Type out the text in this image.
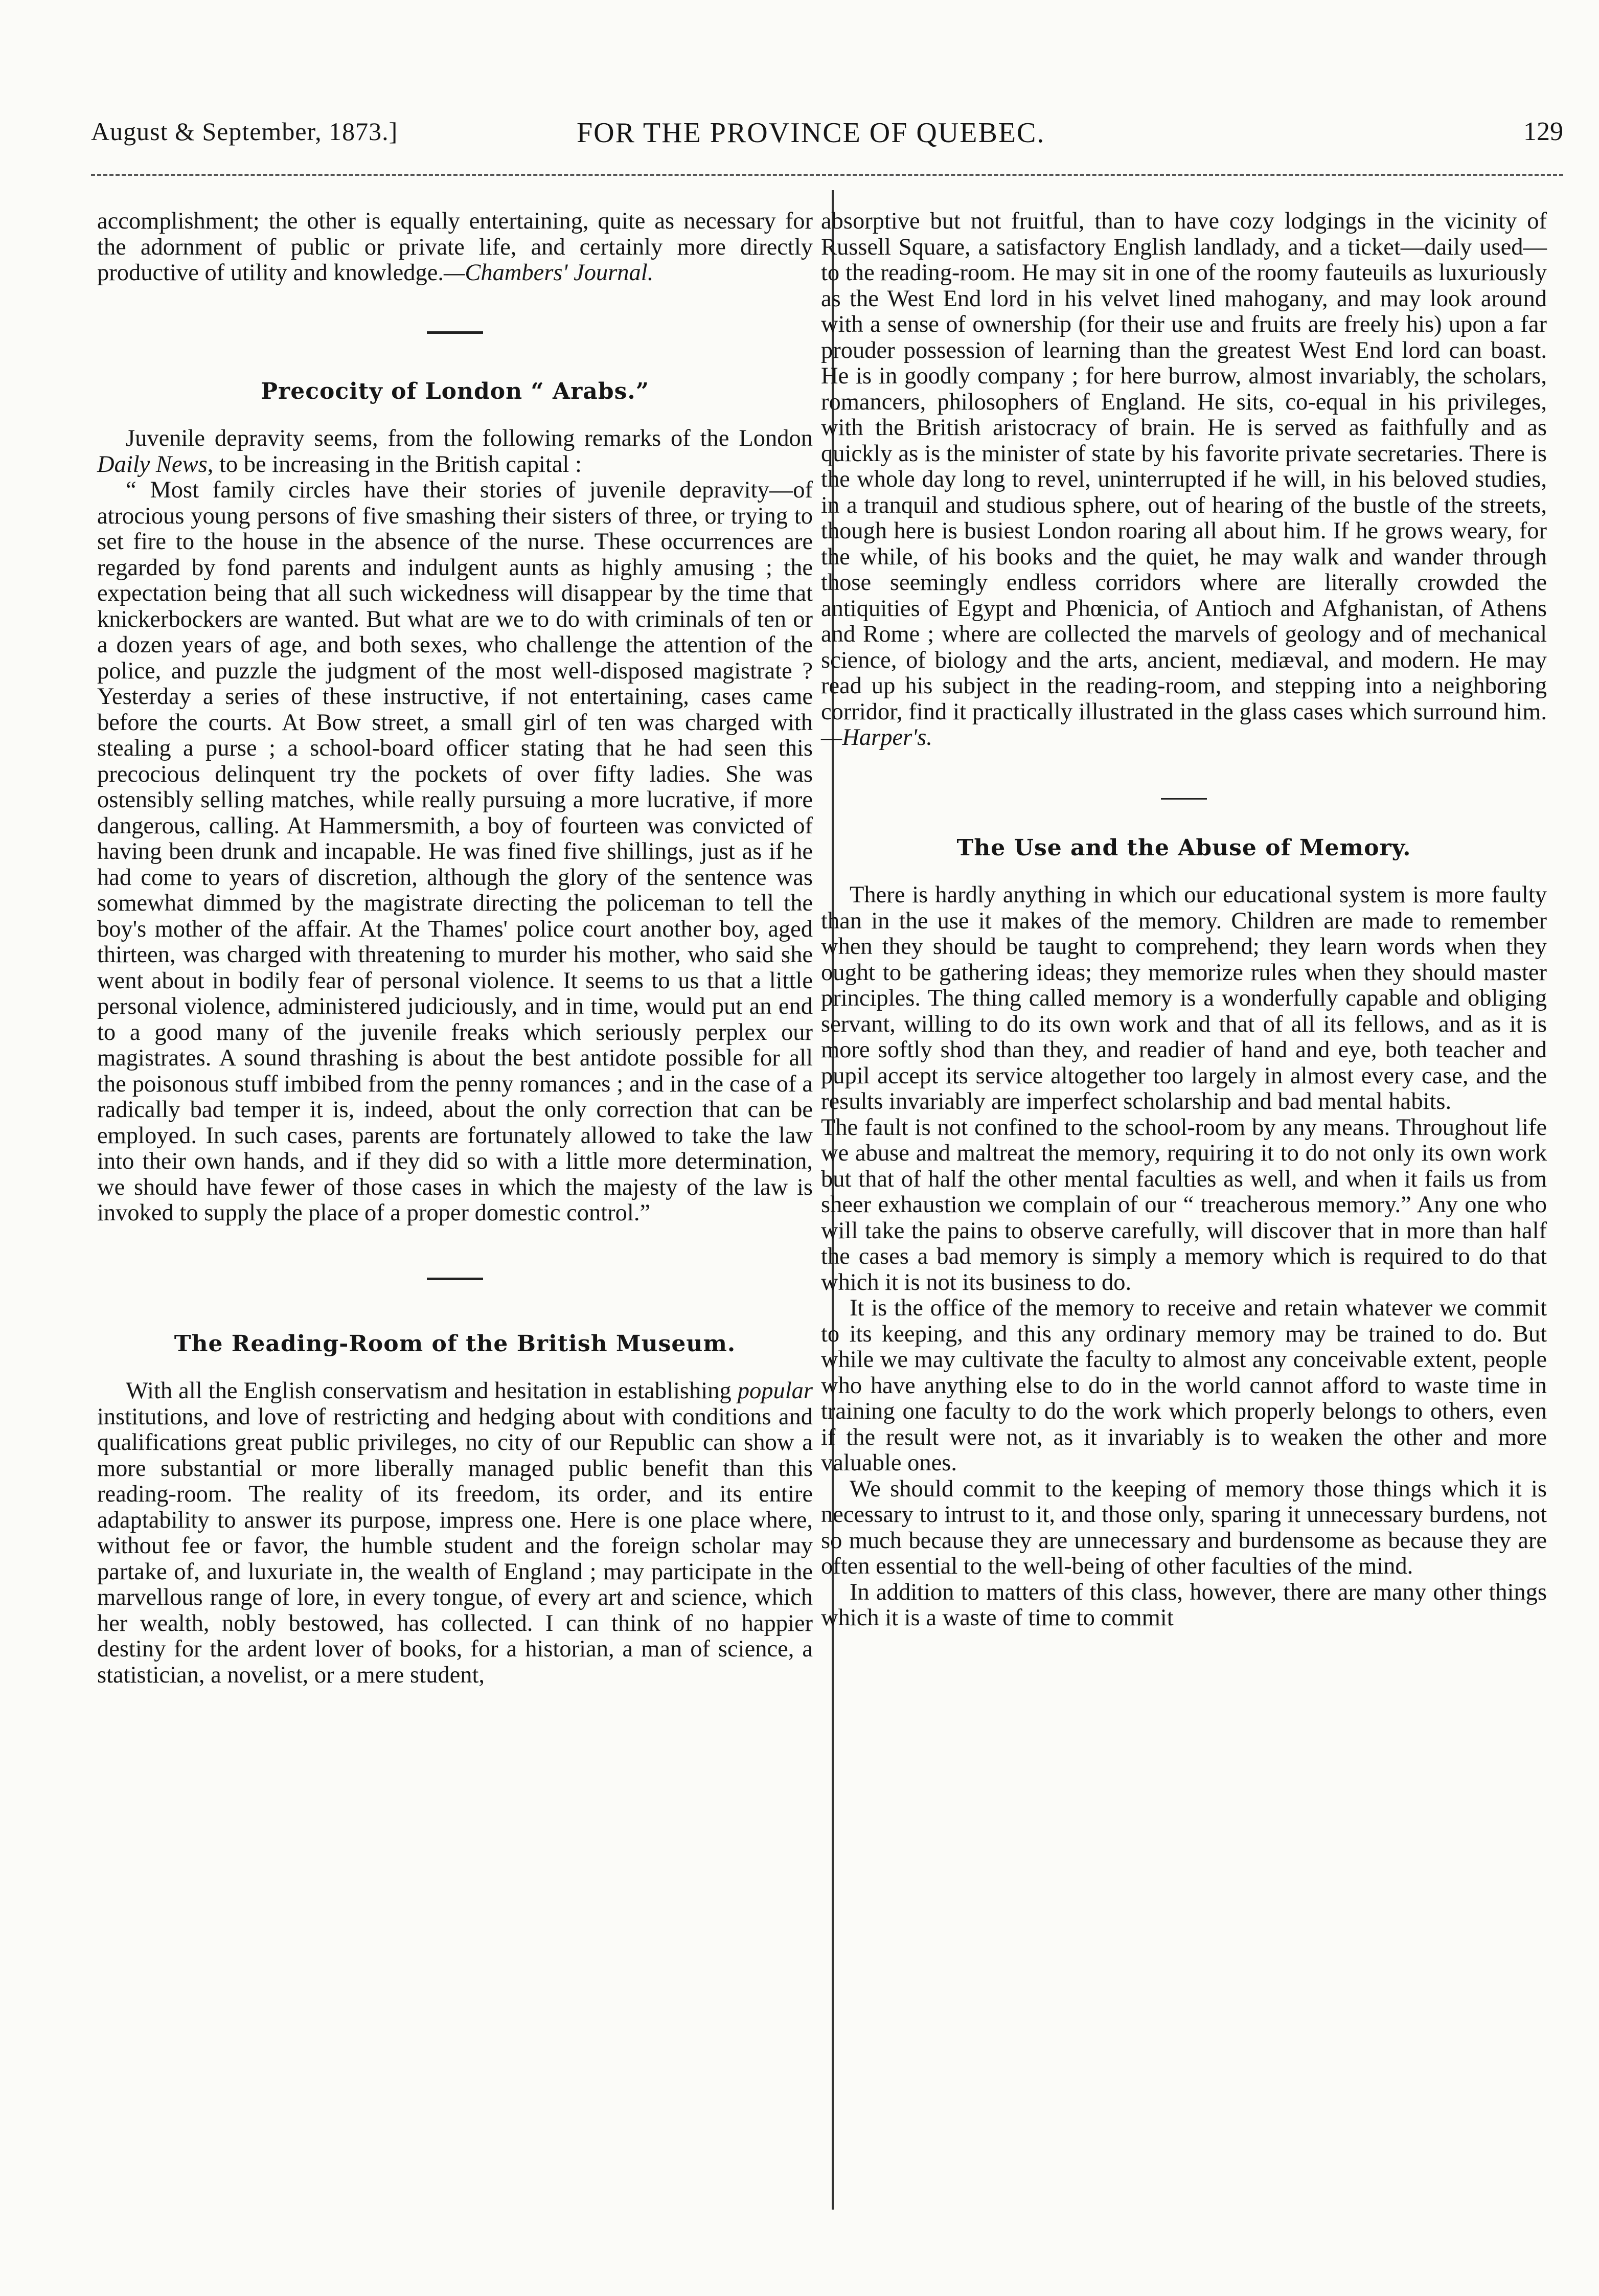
August & September, 1873.]	FOR THE PROVINCE OF QUEBEC.	129

accomplishment; the other is equally entertaining, quite as necessary for the adornment of public or private life, and certainly more directly productive of utility and knowledge.—Chambers' Journal.

Precocity of London “ Arabs.”

Juvenile depravity seems, from the following remarks of the London Daily News, to be increasing in the British capital :

“ Most family circles have their stories of juvenile depravity—of atrocious young persons of five smashing their sisters of three, or trying to set fire to the house in the absence of the nurse. These occurrences are regarded by fond parents and indulgent aunts as highly amusing ; the expectation being that all such wickedness will disappear by the time that knickerbockers are wanted. But what are we to do with criminals of ten or a dozen years of age, and both sexes, who challenge the attention of the police, and puzzle the judgment of the most well-disposed magistrate ? Yesterday a series of these instructive, if not entertaining, cases came before the courts. At Bow street, a small girl of ten was charged with stealing a purse ; a school-board officer stating that he had seen this precocious delinquent try the pockets of over fifty ladies. She was ostensibly selling matches, while really pursuing a more lucrative, if more dangerous, calling. At Hammersmith, a boy of fourteen was convicted of having been drunk and incapable. He was fined five shillings, just as if he had come to years of discretion, although the glory of the sentence was somewhat dimmed by the magistrate directing the policeman to tell the boy's mother of the affair. At the Thames' police court another boy, aged thirteen, was charged with threatening to murder his mother, who said she went about in bodily fear of personal violence. It seems to us that a little personal violence, administered judiciously, and in time, would put an end to a good many of the juvenile freaks which seriously perplex our magistrates. A sound thrashing is about the best antidote possible for all the poisonous stuff imbibed from the penny romances ; and in the case of a radically bad temper it is, indeed, about the only correction that can be employed. In such cases, parents are fortunately allowed to take the law into their own hands, and if they did so with a little more determination, we should have fewer of those cases in which the majesty of the law is invoked to supply the place of a proper domestic control.”

The Reading-Room of the British Museum.

With all the English conservatism and hesitation in establishing popular institutions, and love of restricting and hedging about with conditions and qualifications great public privileges, no city of our Republic can show a more substantial or more liberally managed public benefit than this reading-room. The reality of its freedom, its order, and its entire adaptability to answer its purpose, impress one. Here is one place where, without fee or favor, the humble student and the foreign scholar may partake of, and luxuriate in, the wealth of England ; may participate in the marvellous range of lore, in every tongue, of every art and science, which her wealth, nobly bestowed, has collected. I can think of no happier destiny for the ardent lover of books, for a historian, a man of science, a statistician, a novelist, or a mere student,

absorptive but not fruitful, than to have cozy lodgings in the vicinity of Russell Square, a satisfactory English landlady, and a ticket—daily used—to the reading-room. He may sit in one of the roomy fauteuils as luxuriously as the West End lord in his velvet lined mahogany, and may look around with a sense of ownership (for their use and fruits are freely his) upon a far prouder possession of learning than the greatest West End lord can boast. He is in goodly company ; for here burrow, almost invariably, the scholars, romancers, philosophers of England. He sits, co-equal in his privileges, with the British aristocracy of brain. He is served as faithfully and as quickly as is the minister of state by his favorite private secretaries. There is the whole day long to revel, uninterrupted if he will, in his beloved studies, in a tranquil and studious sphere, out of hearing of the bustle of the streets, though here is busiest London roaring all about him. If he grows weary, for the while, of his books and the quiet, he may walk and wander through those seemingly endless corridors where are literally crowded the antiquities of Egypt and Phœnicia, of Antioch and Afghanistan, of Athens and Rome ; where are collected the marvels of geology and of mechanical science, of biology and the arts, ancient, mediæval, and modern. He may read up his subject in the reading-room, and stepping into a neighboring corridor, find it practically illustrated in the glass cases which surround him.—Harper's.

The Use and the Abuse of Memory.

There is hardly anything in which our educational system is more faulty than in the use it makes of the memory. Children are made to remember when they should be taught to comprehend; they learn words when they ought to be gathering ideas; they memorize rules when they should master principles. The thing called memory is a wonderfully capable and obliging servant, willing to do its own work and that of all its fellows, and as it is more softly shod than they, and readier of hand and eye, both teacher and pupil accept its service altogether too largely in almost every case, and the results invariably are imperfect scholarship and bad mental habits.

The fault is not confined to the school-room by any means. Throughout life we abuse and maltreat the memory, requiring it to do not only its own work but that of half the other mental faculties as well, and when it fails us from sheer exhaustion we complain of our “ treacherous memory.” Any one who will take the pains to observe carefully, will discover that in more than half the cases a bad memory is simply a memory which is required to do that which it is not its business to do.

It is the office of the memory to receive and retain whatever we commit to its keeping, and this any ordinary memory may be trained to do. But while we may cultivate the faculty to almost any conceivable extent, people who have anything else to do in the world cannot afford to waste time in training one faculty to do the work which properly belongs to others, even if the result were not, as it invariably is to weaken the other and more valuable ones.

We should commit to the keeping of memory those things which it is necessary to intrust to it, and those only, sparing it unnecessary burdens, not so much because they are unnecessary and burdensome as because they are often essential to the well-being of other faculties of the mind.

In addition to matters of this class, however, there are many other things which it is a waste of time to commit
